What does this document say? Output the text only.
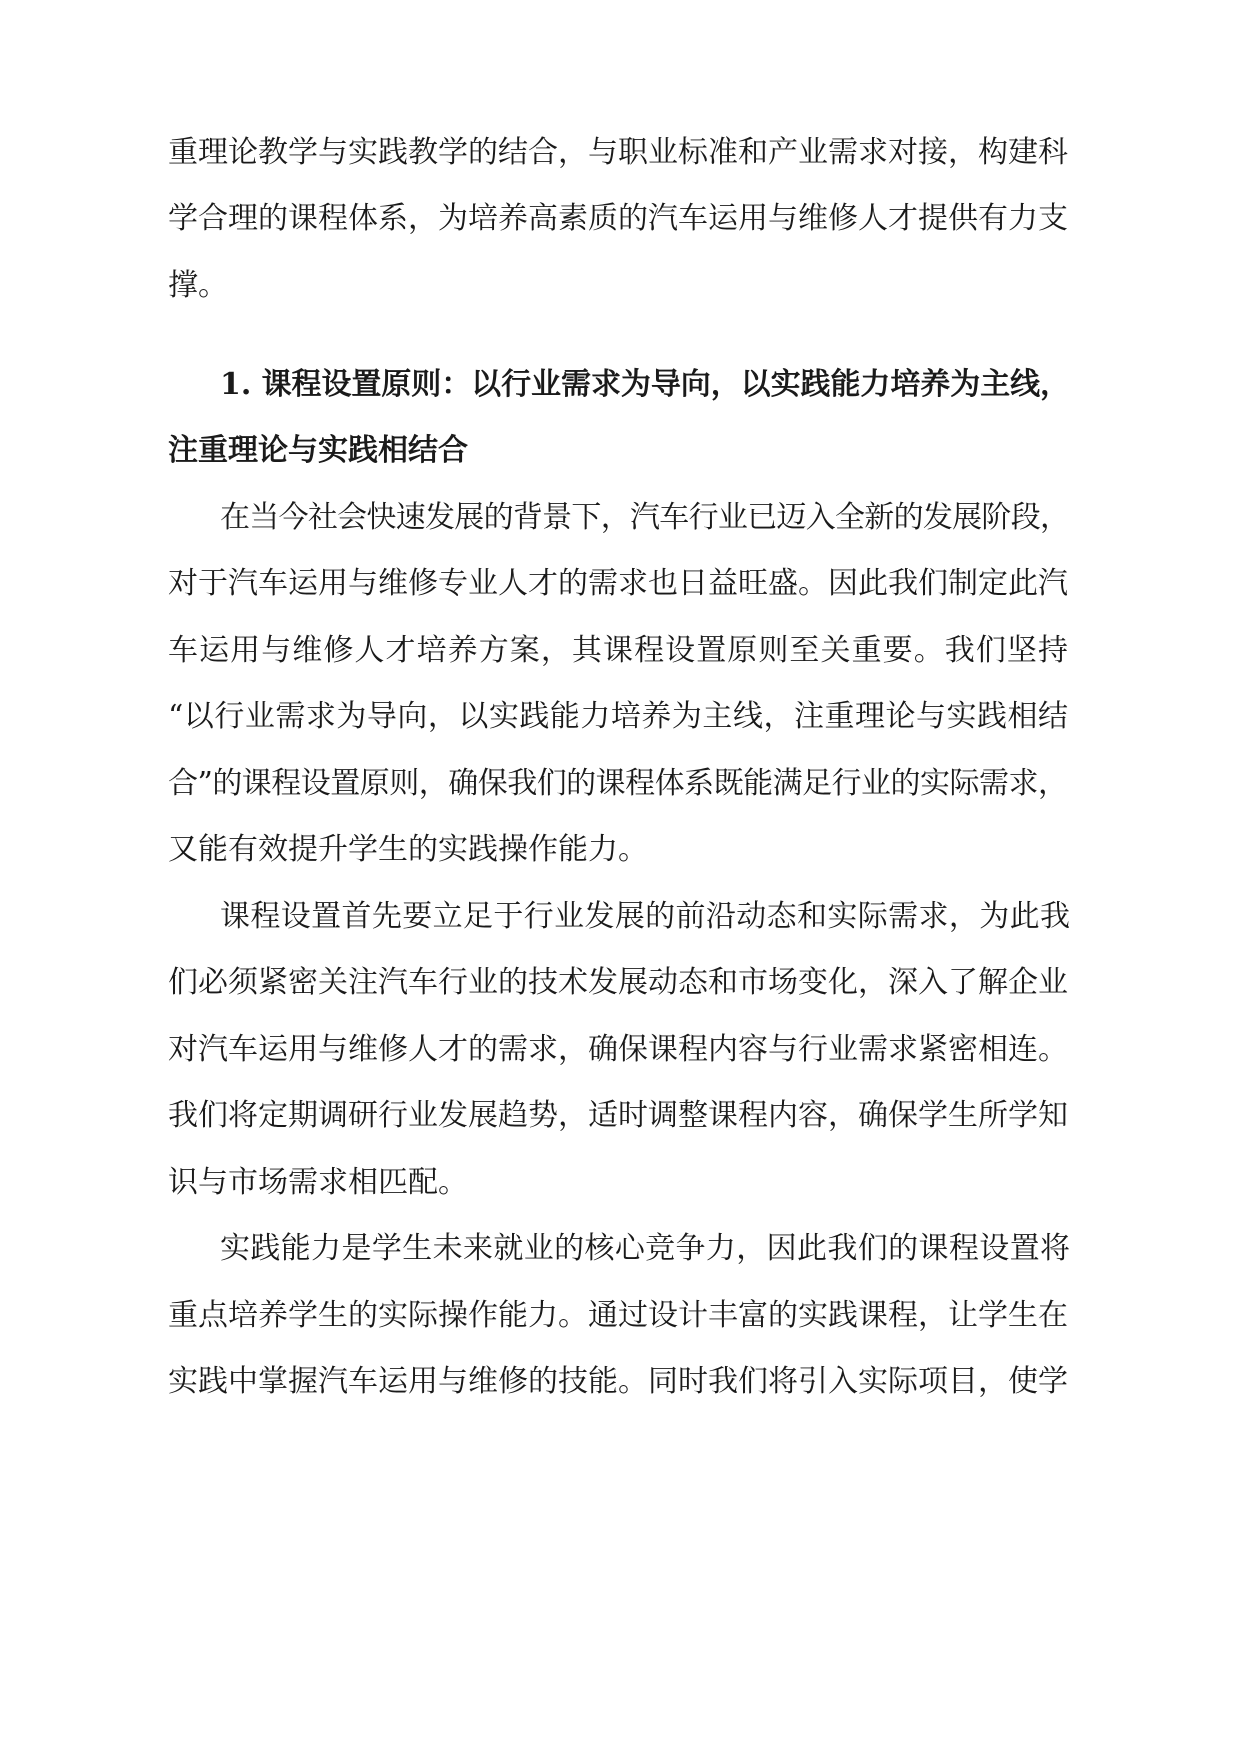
重理论教学与实践教学的结合，与职业标准和产业需求对接，构建科
学合理的课程体系，为培养高素质的汽车运用与维修人才提供有力支
撑。
1. 课程设置原则：以行业需求为导向，以实践能力培养为主线，
注重理论与实践相结合
在当今社会快速发展的背景下，汽车行业已迈入全新的发展阶段，
对于汽车运用与维修专业人才的需求也日益旺盛。因此我们制定此汽
车运用与维修人才培养方案，其课程设置原则至关重要。我们坚持
“以行业需求为导向，以实践能力培养为主线，注重理论与实践相结
合”的课程设置原则，确保我们的课程体系既能满足行业的实际需求，
又能有效提升学生的实践操作能力。
课程设置首先要立足于行业发展的前沿动态和实际需求，为此我
们必须紧密关注汽车行业的技术发展动态和市场变化，深入了解企业
对汽车运用与维修人才的需求，确保课程内容与行业需求紧密相连。
我们将定期调研行业发展趋势，适时调整课程内容，确保学生所学知
识与市场需求相匹配。
实践能力是学生未来就业的核心竞争力，因此我们的课程设置将
重点培养学生的实际操作能力。通过设计丰富的实践课程，让学生在
实践中掌握汽车运用与维修的技能。同时我们将引入实际项目，使学
